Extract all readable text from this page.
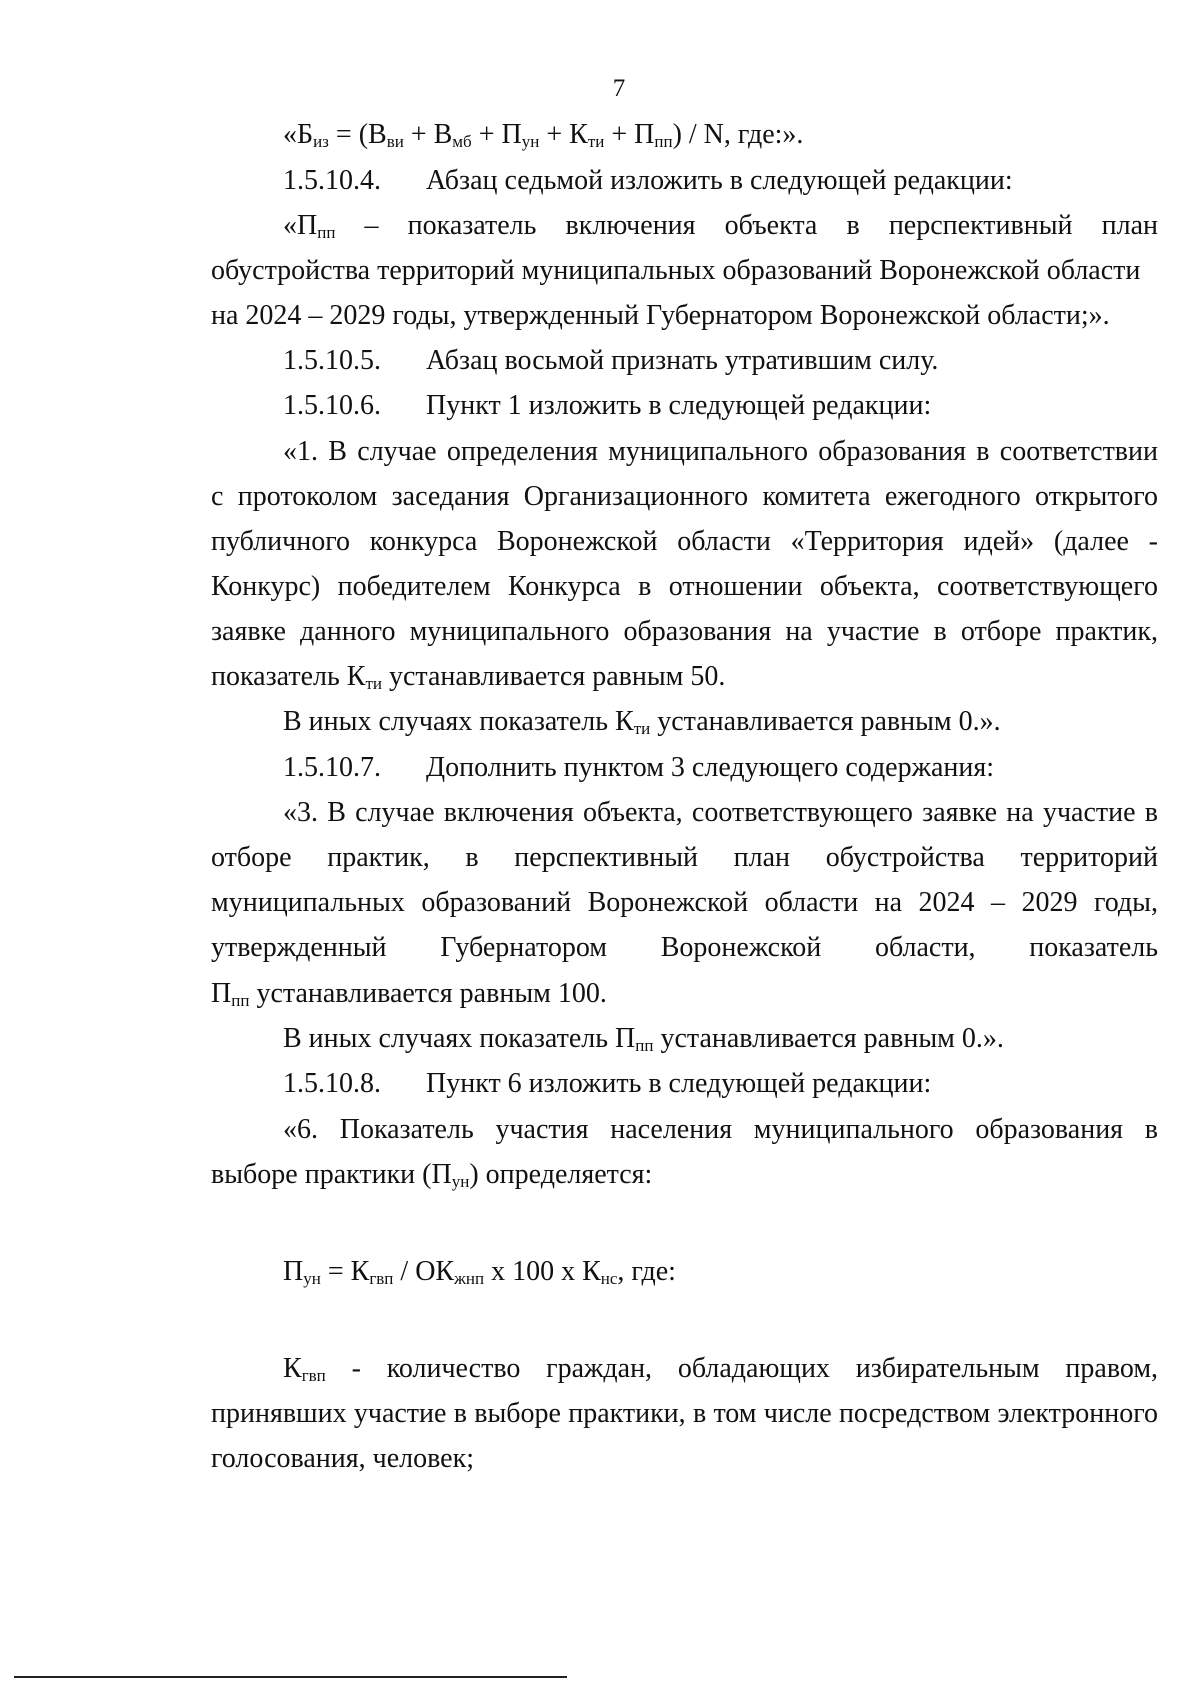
7
«$Б_{из} = (В_{ви} + В_{мб} + П_{ун} + К_{ти} + П_{пп}) / N$, где:».
1.5.10.4. Абзац седьмой изложить в следующей редакции:
«$П_{пп}$ – показатель включения объекта в перспективный план
обустройства территорий муниципальных образований Воронежской области
на 2024 – 2029 годы, утвержденный Губернатором Воронежской области;».
1.5.10.5. Абзац восьмой признать утратившим силу.
1.5.10.6. Пункт 1 изложить в следующей редакции:
«1. В случае определения муниципального образования в соответствии
с протоколом заседания Организационного комитета ежегодного открытого
публичного конкурса Воронежской области «Территория идей» (далее -
Конкурс) победителем Конкурса в отношении объекта, соответствующего
заявке данного муниципального образования на участие в отборе практик,
показатель $К_{ти}$ устанавливается равным 50.
В иных случаях показатель $К_{ти}$ устанавливается равным 0.».
1.5.10.7. Дополнить пунктом 3 следующего содержания:
«3. В случае включения объекта, соответствующего заявке на участие в
отборе практик, в перспективный план обустройства территорий
муниципальных образований Воронежской области на 2024 – 2029 годы,
утвержденный Губернатором Воронежской области, показатель
$П_{пп}$ устанавливается равным 100.
В иных случаях показатель $П_{пп}$ устанавливается равным 0.».
1.5.10.8. Пункт 6 изложить в следующей редакции:
«6. Показатель участия населения муниципального образования в
выборе практики $(П_{ун})$ определяется:
$П_{ун} = К_{гвп} / ОК_{жнп}$ х 100 х $К_{нс}$, где:
$К_{гвп}$ - количество граждан, обладающих избирательным правом,
принявших участие в выборе практики, в том числе посредством электронного
голосования, человек;
